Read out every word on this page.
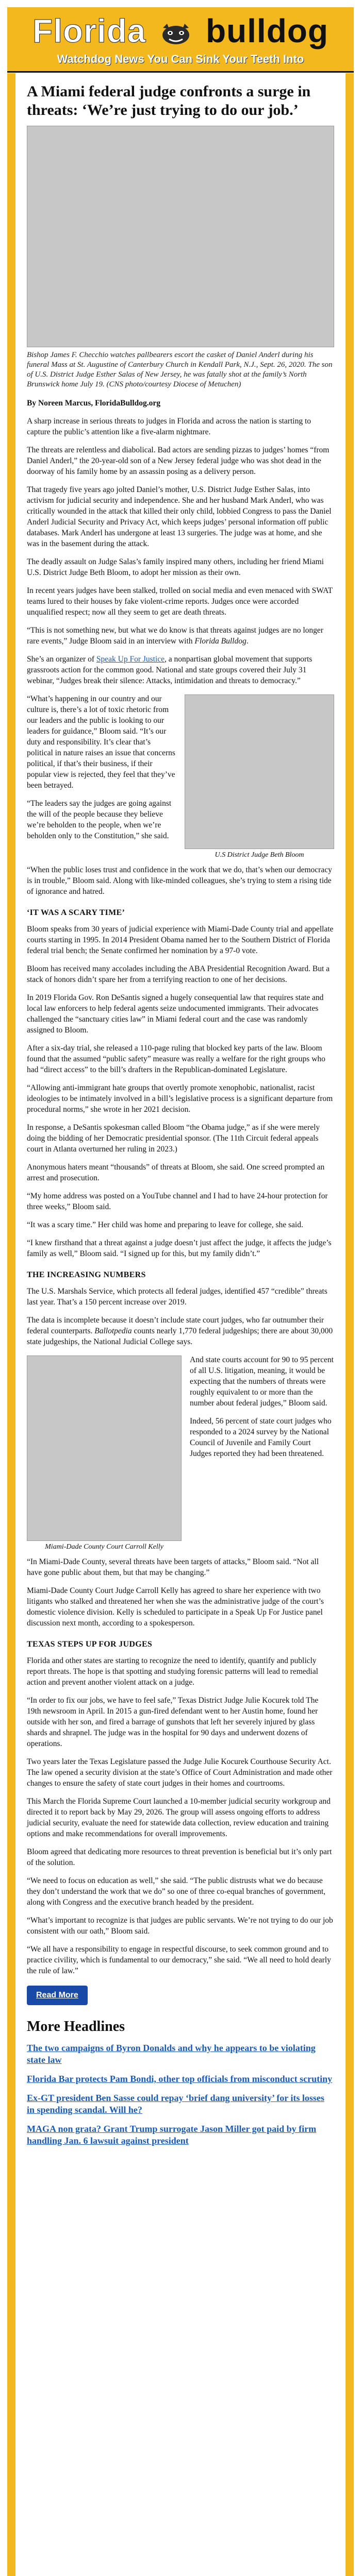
Florida bulldog
Watchdog News You Can Sink Your Teeth Into
A Miami federal judge confronts a surge in threats: ‘We’re just trying to do our job.’
Bishop James F. Checchio watches pallbearers escort the casket of Daniel Anderl during his funeral Mass at St. Augustine of Canterbury Church in Kendall Park, N.J., Sept. 26, 2020. The son of U.S. District Judge Esther Salas of New Jersey, he was fatally shot at the family’s North Brunswick home July 19. (CNS photo/courtesy Diocese of Metuchen)

By Noreen Marcus, FloridaBulldog.org

A sharp increase in serious threats to judges in Florida and across the nation is starting to capture the public’s attention like a five-alarm nightmare.

The threats are relentless and diabolical. Bad actors are sending pizzas to judges’ homes “from Daniel Anderl,” the 20-year-old son of a New Jersey federal judge who was shot dead in the doorway of his family home by an assassin posing as a delivery person.

That tragedy five years ago jolted Daniel’s mother, U.S. District Judge Esther Salas, into activism for judicial security and independence. She and her husband Mark Anderl, who was critically wounded in the attack that killed their only child, lobbied Congress to pass the Daniel Anderl Judicial Security and Privacy Act, which keeps judges’ personal information off public databases. Mark Anderl has undergone at least 13 surgeries. The judge was at home, and she was in the basement during the attack.

The deadly assault on Judge Salas’s family inspired many others, including her friend Miami U.S. District Judge Beth Bloom, to adopt her mission as their own.

In recent years judges have been stalked, trolled on social media and even menaced with SWAT teams lured to their houses by fake violent-crime reports. Judges once were accorded unqualified respect; now all they seem to get are death threats.

“This is not something new, but what we do know is that threats against judges are no longer rare events,” Judge Bloom said in an interview with Florida Bulldog.

She’s an organizer of Speak Up For Justice, a nonpartisan global movement that supports grassroots action for the common good. National and state groups covered their July 31 webinar, “Judges break their silence: Attacks, intimidation and threats to democracy.”

U.S District Judge Beth Bloom

“What’s happening in our country and our culture is, there’s a lot of toxic rhetoric from our leaders and the public is looking to our leaders for guidance,” Bloom said. “It’s our duty and responsibility. It’s clear that’s political in nature raises an issue that concerns political, if that’s their business, if their popular view is rejected, they feel that they’ve been betrayed.

“The leaders say the judges are going against the will of the people because they believe we’re beholden to the people, when we’re beholden only to the Constitution,” she said.

“When the public loses trust and confidence in the work that we do, that’s when our democracy is in trouble,” Bloom said. Along with like-minded colleagues, she’s trying to stem a rising tide of ignorance and hatred.

‘IT WAS A SCARY TIME’

Bloom speaks from 30 years of judicial experience with Miami-Dade County trial and appellate courts starting in 1995. In 2014 President Obama named her to the Southern District of Florida federal trial bench; the Senate confirmed her nomination by a 97-0 vote.

Bloom has received many accolades including the ABA Presidential Recognition Award. But a stack of honors didn’t spare her from a terrifying reaction to one of her decisions.

In 2019 Florida Gov. Ron DeSantis signed a hugely consequential law that requires state and local law enforcers to help federal agents seize undocumented immigrants. Their advocates challenged the “sanctuary cities law” in Miami federal court and the case was randomly assigned to Bloom.

After a six-day trial, she released a 110-page ruling that blocked key parts of the law. Bloom found that the assumed “public safety” measure was really a welfare for the right groups who had “direct access” to the bill’s drafters in the Republican-dominated Legislature.

“Allowing anti-immigrant hate groups that overtly promote xenophobic, nationalist, racist ideologies to be intimately involved in a bill’s legislative process is a significant departure from procedural norms,” she wrote in her 2021 decision.

In response, a DeSantis spokesman called Bloom “the Obama judge,” as if she were merely doing the bidding of her Democratic presidential sponsor. (The 11th Circuit federal appeals court in Atlanta overturned her ruling in 2023.)

Anonymous haters meant “thousands” of threats at Bloom, she said. One screed prompted an arrest and prosecution.

“My home address was posted on a YouTube channel and I had to have 24-hour protection for three weeks,” Bloom said.

“It was a scary time.” Her child was home and preparing to leave for college, she said.

“I knew firsthand that a threat against a judge doesn’t just affect the judge, it affects the judge’s family as well,” Bloom said. “I signed up for this, but my family didn’t.”

THE INCREASING NUMBERS

The U.S. Marshals Service, which protects all federal judges, identified 457 “credible” threats last year. That’s a 150 percent increase over 2019.

The data is incomplete because it doesn’t include state court judges, who far outnumber their federal counterparts. Ballotpedia counts nearly 1,770 federal judgeships; there are about 30,000 state judgeships, the National Judicial College says.

Miami-Dade County Court Carroll Kelly

And state courts account for 90 to 95 percent of all U.S. litigation, meaning, it would be expecting that the numbers of threats were roughly equivalent to or more than the number about federal judges,” Bloom said.

Indeed, 56 percent of state court judges who responded to a 2024 survey by the National Council of Juvenile and Family Court Judges reported they had been threatened.

“In Miami-Dade County, several threats have been targets of attacks,” Bloom said. “Not all have gone public about them, but that may be changing.”

Miami-Dade County Court Judge Carroll Kelly has agreed to share her experience with two litigants who stalked and threatened her when she was the administrative judge of the court’s domestic violence division. Kelly is scheduled to participate in a Speak Up For Justice panel discussion next month, according to a spokesperson.

TEXAS STEPS UP FOR JUDGES

Florida and other states are starting to recognize the need to identify, quantify and publicly report threats. The hope is that spotting and studying forensic patterns will lead to remedial action and prevent another violent attack on a judge.

“In order to fix our jobs, we have to feel safe,” Texas District Judge Julie Kocurek told The 19th newsroom in April. In 2015 a gun-fired defendant went to her Austin home, found her outside with her son, and fired a barrage of gunshots that left her severely injured by glass shards and shrapnel. The judge was in the hospital for 90 days and underwent dozens of operations.

Two years later the Texas Legislature passed the Judge Julie Kocurek Courthouse Security Act. The law opened a security division at the state’s Office of Court Administration and made other changes to ensure the safety of state court judges in their homes and courtrooms.

This March the Florida Supreme Court launched a 10-member judicial security workgroup and directed it to report back by May 29, 2026. The group will assess ongoing efforts to address judicial security, evaluate the need for statewide data collection, review education and training options and make recommendations for overall improvements.

Bloom agreed that dedicating more resources to threat prevention is beneficial but it’s only part of the solution.

“We need to focus on education as well,” she said. “The public distrusts what we do because they don’t understand the work that we do” so one of three co-equal branches of government, along with Congress and the executive branch headed by the president.

“What’s important to recognize is that judges are public servants. We’re not trying to do our job consistent with our oath,” Bloom said.

“We all have a responsibility to engage in respectful discourse, to seek common ground and to practice civility, which is fundamental to our democracy,” she said. “We all need to hold dearly the rule of law.”

Read More
More Headlines
The two campaigns of Byron Donalds and why he appears to be violating state law
Florida Bar protects Pam Bondi, other top officials from misconduct scrutiny
Ex-GT president Ben Sasse could repay ‘brief dang university’ for its losses in spending scandal. Will he?
MAGA non grata? Grant Trump surrogate Jason Miller got paid by firm handling Jan. 6 lawsuit against president
